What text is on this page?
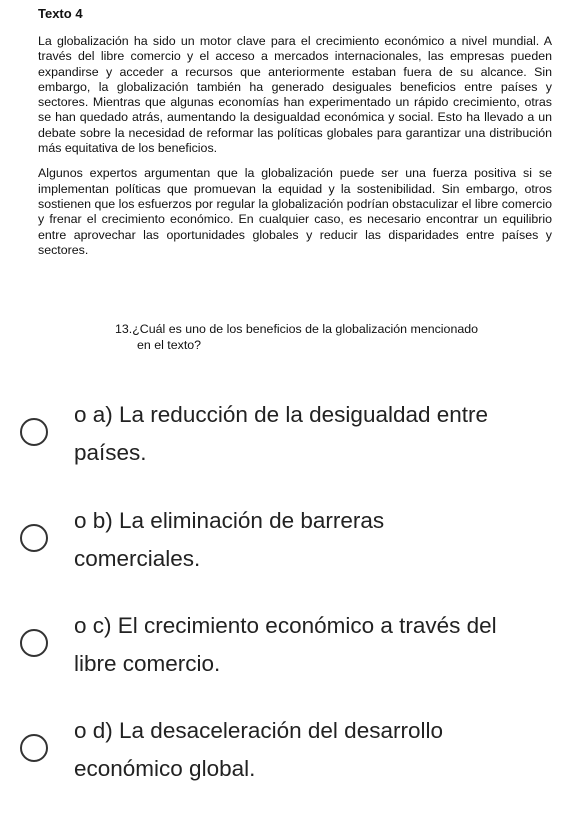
Texto 4

La globalización ha sido un motor clave para el crecimiento económico a nivel mundial. A través del libre comercio y el acceso a mercados internacionales, las empresas pueden expandirse y acceder a recursos que anteriormente estaban fuera de su alcance. Sin embargo, la globalización también ha generado desiguales beneficios entre países y sectores. Mientras que algunas economías han experimentado un rápido crecimiento, otras se han quedado atrás, aumentando la desigualdad económica y social. Esto ha llevado a un debate sobre la necesidad de reformar las políticas globales para garantizar una distribución más equitativa de los beneficios.

Algunos expertos argumentan que la globalización puede ser una fuerza positiva si se implementan políticas que promuevan la equidad y la sostenibilidad. Sin embargo, otros sostienen que los esfuerzos por regular la globalización podrían obstaculizar el libre comercio y frenar el crecimiento económico. En cualquier caso, es necesario encontrar un equilibrio entre aprovechar las oportunidades globales y reducir las disparidades entre países y sectores.

13.¿Cuál es uno de los beneficios de la globalización mencionado
en el texto?
o a) La reducción de la desigualdad entre
países.
o b) La eliminación de barreras
comerciales.
o c) El crecimiento económico a través del
libre comercio.
o d) La desaceleración del desarrollo
económico global.
